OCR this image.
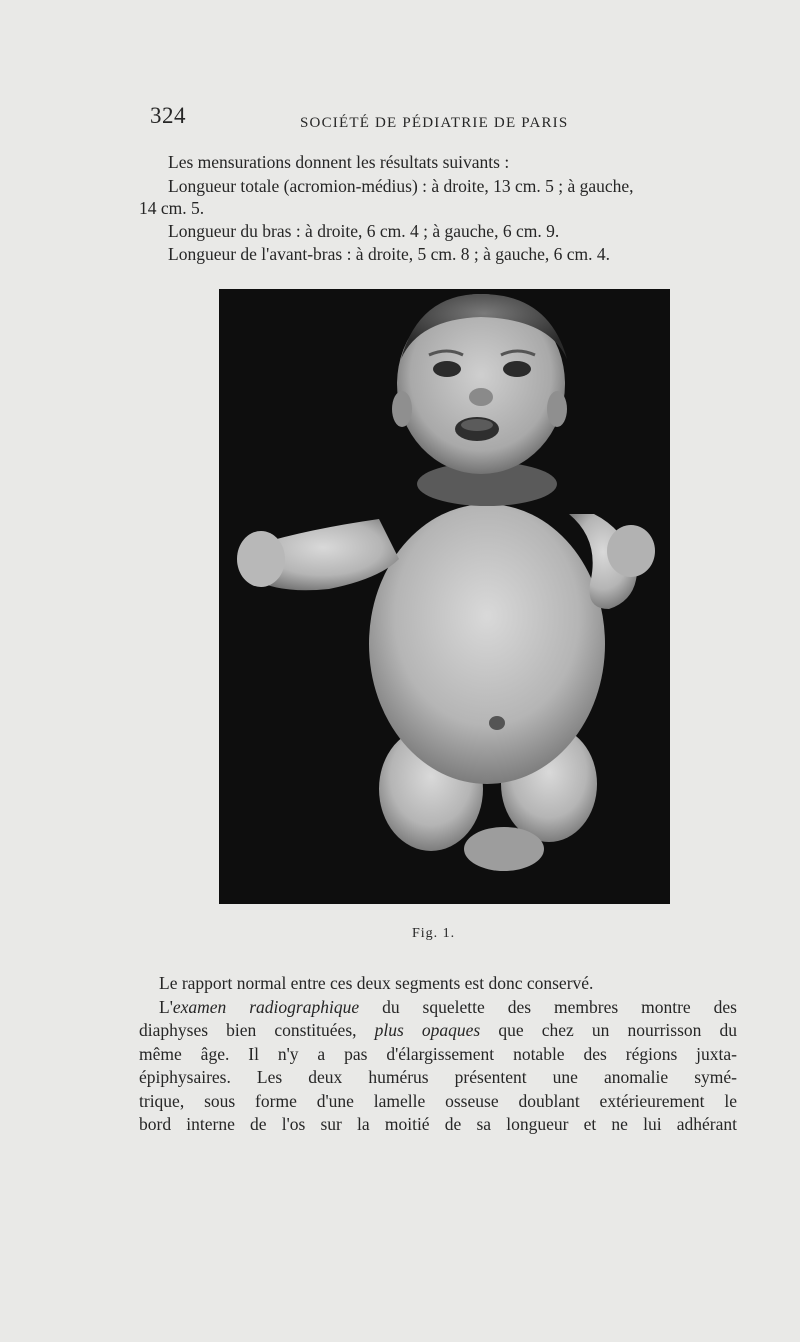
324	SOCIÉTÉ DE PÉDIATRIE DE PARIS
Les mensurations donnent les résultats suivants :
Longueur totale (acromion-médius) : à droite, 13 cm. 5 ; à gauche,
14 cm. 5.
Longueur du bras : à droite, 6 cm. 4 ; à gauche, 6 cm. 9.
Longueur de l'avant-bras : à droite, 5 cm. 8 ; à gauche, 6 cm. 4.
Fig. 1.

Le rapport normal entre ces deux segments est donc conservé.

L'examen radiographique du squelette des membres montre des

diaphyses bien constituées, plus opaques que chez un nourrisson du

même âge. Il n'y a pas d'élargissement notable des régions juxta-

épiphysaires. Les deux humérus présentent une anomalie symé-

trique, sous forme d'une lamelle osseuse doublant extérieurement le

bord interne de l'os sur la moitié de sa longueur et ne lui adhérant
